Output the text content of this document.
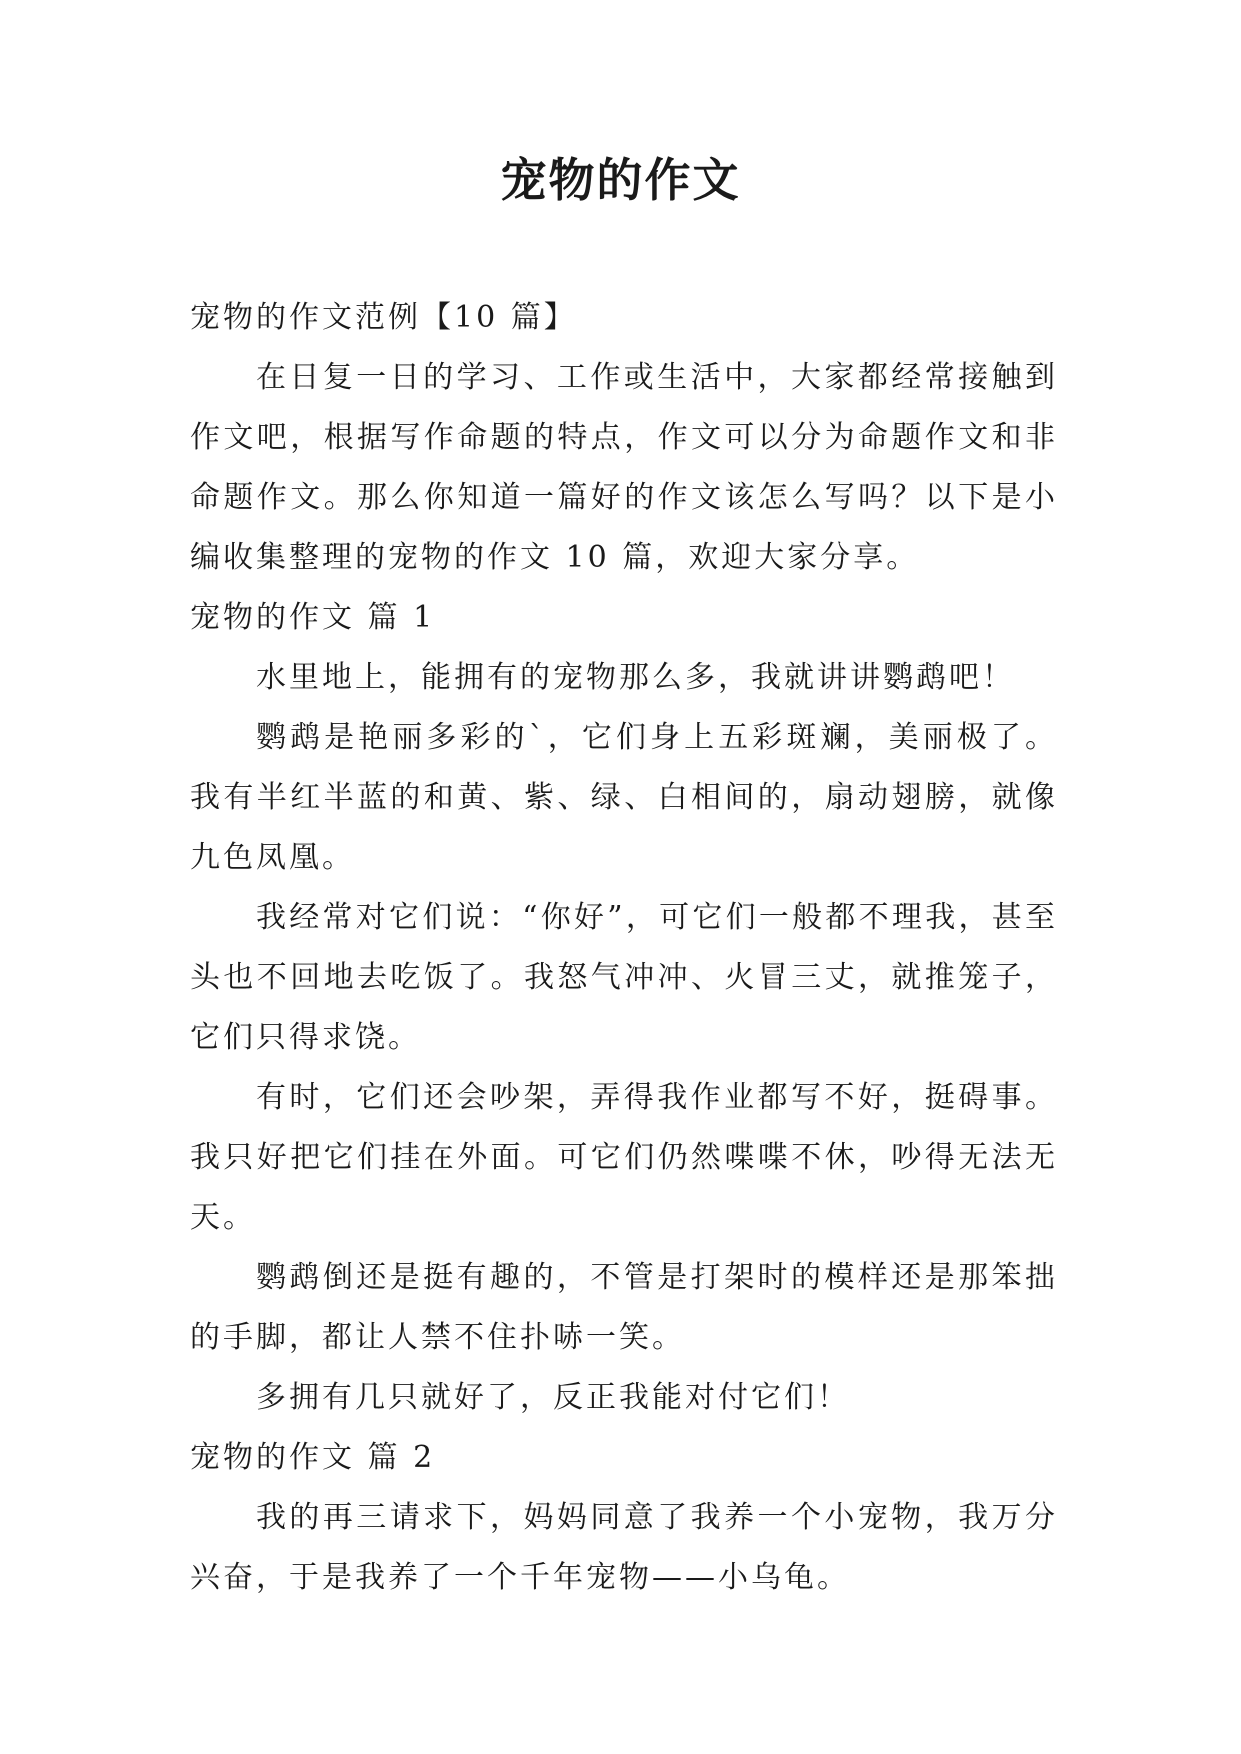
宠物的作文

宠物的作文范例【10 篇】

在日复一日的学习、工作或生活中，大家都经常接触到作文吧，根据写作命题的特点，作文可以分为命题作文和非命题作文。那么你知道一篇好的作文该怎么写吗？以下是小编收集整理的宠物的作文 10 篇，欢迎大家分享。

宠物的作文 篇 1

水里地上，能拥有的宠物那么多，我就讲讲鹦鹉吧！

鹦鹉是艳丽多彩的`，它们身上五彩斑斓，美丽极了。我有半红半蓝的和黄、紫、绿、白相间的，扇动翅膀，就像九色凤凰。

我经常对它们说：“你好”，可它们一般都不理我，甚至头也不回地去吃饭了。我怒气冲冲、火冒三丈，就推笼子，它们只得求饶。

有时，它们还会吵架，弄得我作业都写不好，挺碍事。我只好把它们挂在外面。可它们仍然喋喋不休，吵得无法无天。

鹦鹉倒还是挺有趣的，不管是打架时的模样还是那笨拙的手脚，都让人禁不住扑哧一笑。

多拥有几只就好了，反正我能对付它们！

宠物的作文 篇 2

我的再三请求下，妈妈同意了我养一个小宠物，我万分兴奋，于是我养了一个千年宠物——小乌龟。
